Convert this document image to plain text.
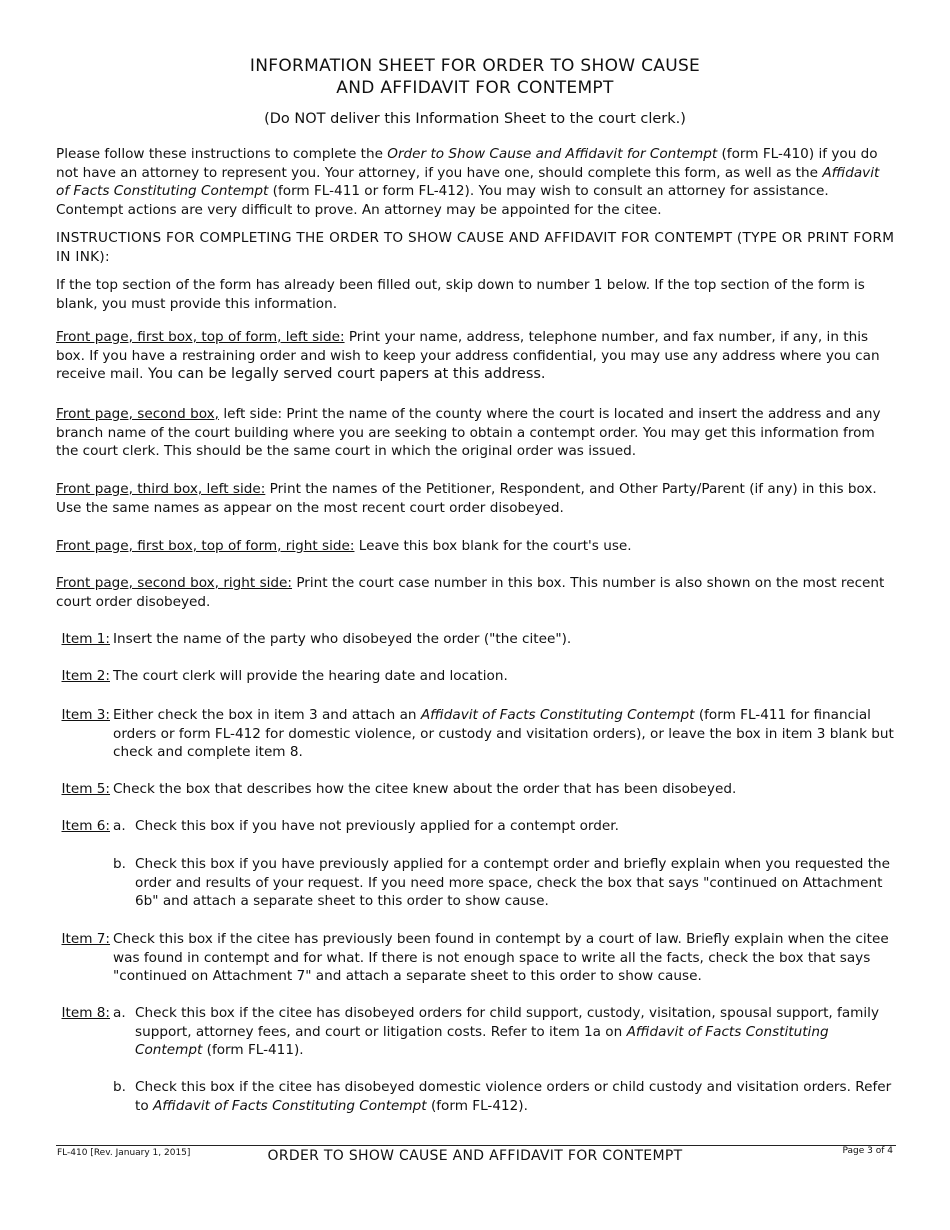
INFORMATION SHEET FOR ORDER TO SHOW CAUSE
AND AFFIDAVIT FOR CONTEMPT
(Do NOT deliver this Information Sheet to the court clerk.)
Please follow these instructions to complete the Order to Show Cause and Affidavit for Contempt (form FL-410) if you do not have an attorney to represent you. Your attorney, if you have one, should complete this form, as well as the Affidavit of Facts Constituting Contempt (form FL-411 or form FL-412). You may wish to consult an attorney for assistance. Contempt actions are very difficult to prove. An attorney may be appointed for the citee.
INSTRUCTIONS FOR COMPLETING THE ORDER TO SHOW CAUSE AND AFFIDAVIT FOR CONTEMPT (TYPE OR PRINT FORM IN INK):
If the top section of the form has already been filled out, skip down to number 1 below. If the top section of the form is blank, you must provide this information.
Front page, first box, top of form, left side: Print your name, address, telephone number, and fax number, if any, in this box. If you have a restraining order and wish to keep your address confidential, you may use any address where you can receive mail. You can be legally served court papers at this address.
Front page, second box, left side: Print the name of the county where the court is located and insert the address and any branch name of the court building where you are seeking to obtain a contempt order. You may get this information from the court clerk. This should be the same court in which the original order was issued.
Front page, third box, left side: Print the names of the Petitioner, Respondent, and Other Party/Parent (if any) in this box. Use the same names as appear on the most recent court order disobeyed.
Front page, first box, top of form, right side: Leave this box blank for the court's use.
Front page, second box, right side: Print the court case number in this box. This number is also shown on the most recent court order disobeyed.
Item 1: Insert the name of the party who disobeyed the order ("the citee").
Item 2: The court clerk will provide the hearing date and location.
Item 3: Either check the box in item 3 and attach an Affidavit of Facts Constituting Contempt (form FL-411 for financial orders or form FL-412 for domestic violence, or custody and visitation orders), or leave the box in item 3 blank but check and complete item 8.
Item 5: Check the box that describes how the citee knew about the order that has been disobeyed.
Item 6: a. Check this box if you have not previously applied for a contempt order.
b. Check this box if you have previously applied for a contempt order and briefly explain when you requested the order and results of your request. If you need more space, check the box that says "continued on Attachment 6b" and attach a separate sheet to this order to show cause.
Item 7: Check this box if the citee has previously been found in contempt by a court of law. Briefly explain when the citee was found in contempt and for what. If there is not enough space to write all the facts, check the box that says "continued on Attachment 7" and attach a separate sheet to this order to show cause.
Item 8: a. Check this box if the citee has disobeyed orders for child support, custody, visitation, spousal support, family support, attorney fees, and court or litigation costs. Refer to item 1a on Affidavit of Facts Constituting Contempt (form FL-411).
b. Check this box if the citee has disobeyed domestic violence orders or child custody and visitation orders. Refer to Affidavit of Facts Constituting Contempt (form FL-412).
FL-410 [Rev. January 1, 2015]	ORDER TO SHOW CAUSE AND AFFIDAVIT FOR CONTEMPT	Page 3 of 4
